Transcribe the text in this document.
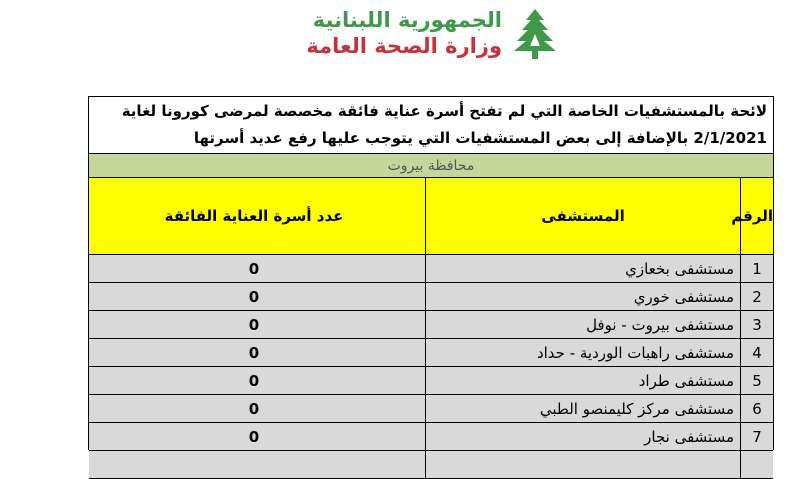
الجمهورية اللبنانية
وزارة الصحة العامة
لائحة بالمستشفيات الخاصة التي لم تفتح أسرة عناية فائقة مخصصة لمرضى كورونا لغاية
2/1/2021 بالإضافة إلى بعض المستشفيات التي يتوجب عليها رفع عديد أسرتها
محافظة بيروت
الرقم	المستشفى	عدد أسرة العناية الفائقة
1	مستشفى بخعازي	0
2	مستشفى خوري	0
3	مستشفى بيروت - نوفل	0
4	مستشفى راهبات الوردية - حداد	0
5	مستشفى طراد	0
6	مستشفى مركز كليمنصو الطبي	0
7	مستشفى نجار	0
